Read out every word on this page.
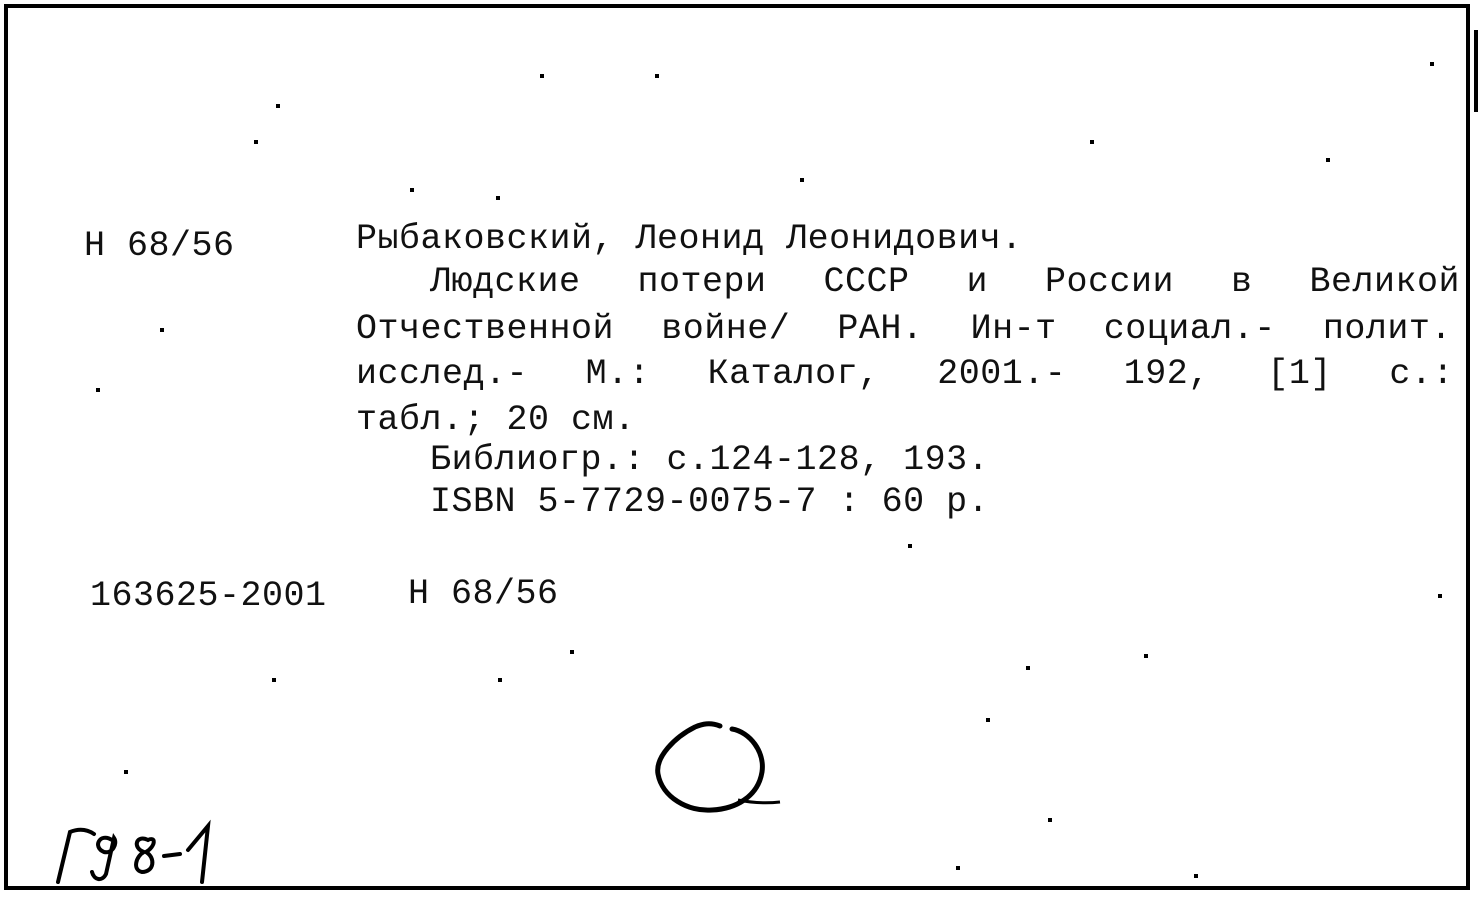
Н 68/56	Рыбаковский, Леонид Леонидович.
Людские потери СССР и России в Великой
Отчественной войне/ РАН. Ин-т социал.- полит.
исслед.- М.: Каталог, 2001.- 192, [1] с.:
табл.; 20 см.
Библиогр.: с.124-128, 193.
ISBN 5-7729-0075-7 : 60 р.
163625-2001 Н 68/56
